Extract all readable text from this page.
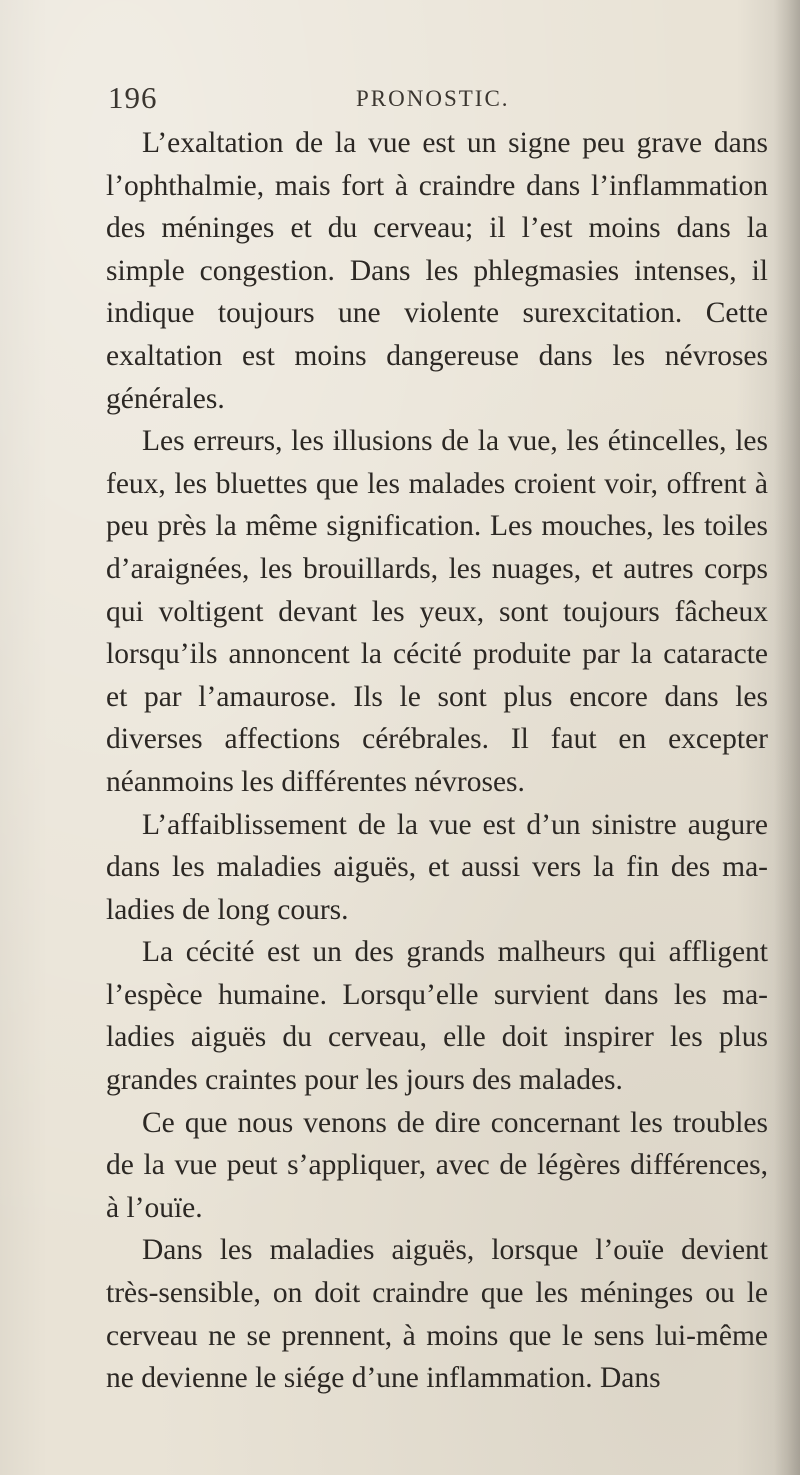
196	PRONOSTIC.

L’exaltation de la vue est un signe peu grave dans l’ophthalmie, mais fort à craindre dans l’inflammation des méninges et du cerveau; il l’est moins dans la simple congestion. Dans les phlegmasies intenses, il indique toujours une violente surexcitation. Cette exaltation est moins dangereuse dans les névroses générales.

Les erreurs, les illusions de la vue, les étincelles, les feux, les bluettes que les malades croient voir, offrent à peu près la même signification. Les mouches, les toiles d’araignées, les brouillards, les nuages, et autres corps qui voltigent devant les yeux, sont toujours fâcheux lorsqu’ils annoncent la cécité produite par la cataracte et par l’amaurose. Ils le sont plus encore dans les diverses affections cérébrales. Il faut en excepter néanmoins les différentes névroses.

L’affaiblissement de la vue est d’un sinistre augure dans les maladies aiguës, et aussi vers la fin des maladies de long cours.

La cécité est un des grands malheurs qui affligent l’espèce humaine. Lorsqu’elle survient dans les maladies aiguës du cerveau, elle doit inspirer les plus grandes craintes pour les jours des malades.

Ce que nous venons de dire concernant les troubles de la vue peut s’appliquer, avec de légères différences, à l’ouïe.

Dans les maladies aiguës, lorsque l’ouïe devient très-sensible, on doit craindre que les méninges ou le cerveau ne se prennent, à moins que le sens lui-même ne devienne le siége d’une inflammation. Dans
